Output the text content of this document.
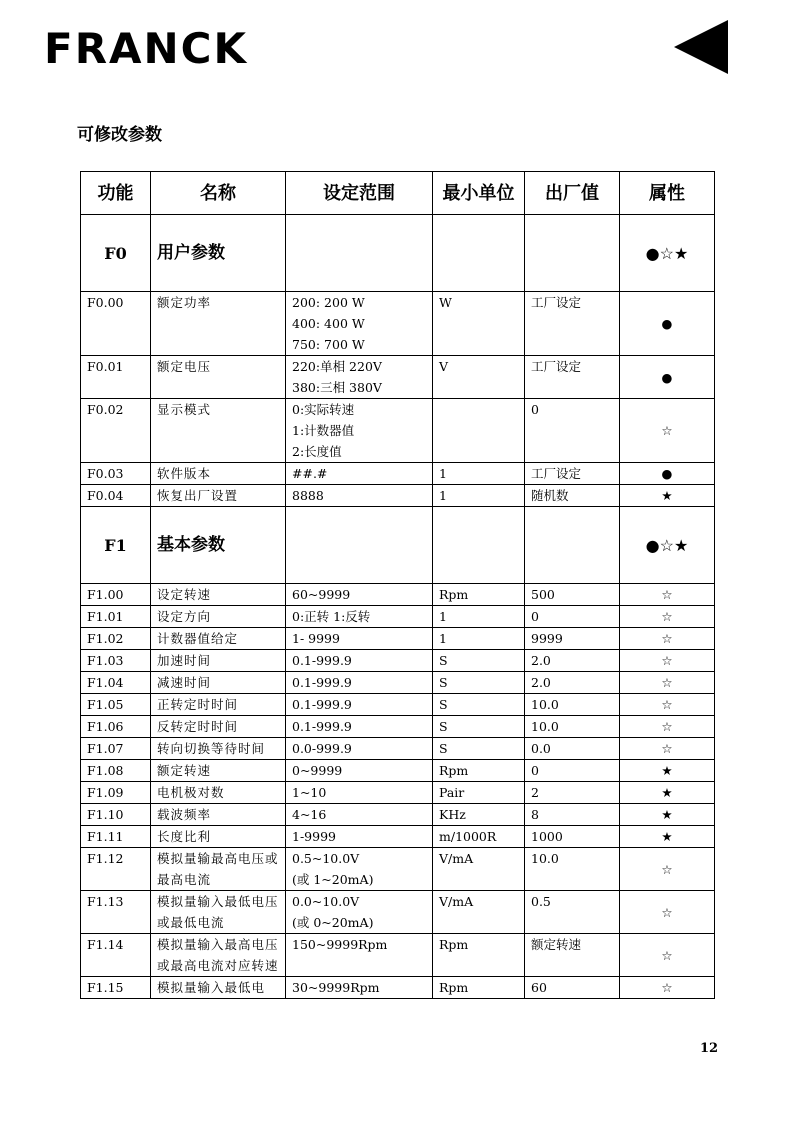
FRANCK
可修改参数
功能	名称	设定范围	最小单位	出厂值	属性
F0	用户参数				●☆★
F0.00	额定功率	200: 200 W
400: 400 W
750: 700 W	W	工厂设定	●
F0.01	额定电压	220:单相 220V
380:三相 380V	V	工厂设定	●
F0.02	显示模式	0:实际转速
1:计数器值
2:长度值		0	☆
F0.03	软件版本	##.#	1	工厂设定	●
F0.04	恢复出厂设置	8888	1	随机数	★
F1	基本参数				●☆★
F1.00	设定转速	60~9999	Rpm	500	☆
F1.01	设定方向	0:正转 1:反转	1	0	☆
F1.02	计数器值给定	1- 9999	1	9999	☆
F1.03	加速时间	0.1-999.9	S	2.0	☆
F1.04	减速时间	0.1-999.9	S	2.0	☆
F1.05	正转定时时间	0.1-999.9	S	10.0	☆
F1.06	反转定时时间	0.1-999.9	S	10.0	☆
F1.07	转向切换等待时间	0.0-999.9	S	0.0	☆
F1.08	额定转速	0~9999	Rpm	0	★
F1.09	电机极对数	1~10	Pair	2	★
F1.10	载波频率	4~16	KHz	8	★
F1.11	长度比利	1-9999	m/1000R	1000	★
F1.12	模拟量输最高电压或最高电流	0.5~10.0V
(或 1~20mA)	V/mA	10.0	☆
F1.13	模拟量输入最低电压或最低电流	0.0~10.0V
(或 0~20mA)	V/mA	0.5	☆
F1.14	模拟量输入最高电压或最高电流对应转速	150~9999Rpm	Rpm	额定转速	☆
F1.15	模拟量输入最低电	30~9999Rpm	Rpm	60	☆
12
